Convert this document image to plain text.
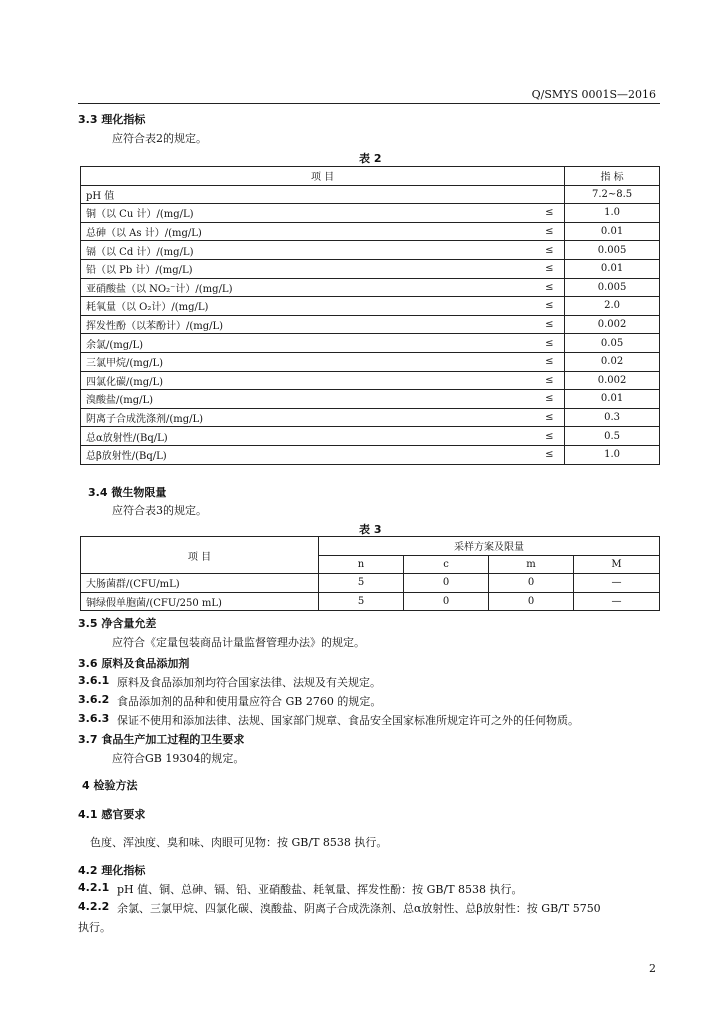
Q/SMYS 0001S—2016
3.3 理化指标
应符合表2的规定。
表 2
项 目		指 标
pH 值		7.2~8.5
铜（以 Cu 计）/(mg/L)	≤	1.0
总砷（以 As 计）/(mg/L)	≤	0.01
镉（以 Cd 计）/(mg/L)	≤	0.005
铅（以 Pb 计）/(mg/L)	≤	0.01
亚硝酸盐（以 NO₂⁻计）/(mg/L)	≤	0.005
耗氧量（以 O₂计）/(mg/L)	≤	2.0
挥发性酚（以苯酚计）/(mg/L)	≤	0.002
余氯/(mg/L)	≤	0.05
三氯甲烷/(mg/L)	≤	0.02
四氯化碳/(mg/L)	≤	0.002
溴酸盐/(mg/L)	≤	0.01
阴离子合成洗涤剂/(mg/L)	≤	0.3
总α放射性/(Bq/L)	≤	0.5
总β放射性/(Bq/L)	≤	1.0
3.4 微生物限量
应符合表3的规定。
表 3
项 目	采样方案及限量			
	n	c	m	M
大肠菌群/(CFU/mL)	5	0	0	—
铜绿假单胞菌/(CFU/250 mL)	5	0	0	—
3.5 净含量允差
应符合《定量包装商品计量监督管理办法》的规定。
3.6 原料及食品添加剂
3.6.1 原料及食品添加剂均符合国家法律、法规及有关规定。
3.6.2 食品添加剂的品种和使用量应符合 GB 2760 的规定。
3.6.3 保证不使用和添加法律、法规、国家部门规章、食品安全国家标准所规定许可之外的任何物质。
3.7 食品生产加工过程的卫生要求
应符合GB 19304的规定。
4 检验方法
4.1 感官要求
色度、浑浊度、臭和味、肉眼可见物：按 GB/T 8538 执行。
4.2 理化指标
4.2.1 pH 值、铜、总砷、镉、铅、亚硝酸盐、耗氧量、挥发性酚：按 GB/T 8538 执行。
4.2.2 余氯、三氯甲烷、四氯化碳、溴酸盐、阴离子合成洗涤剂、总α放射性、总β放射性：按 GB/T 5750
执行。
2
